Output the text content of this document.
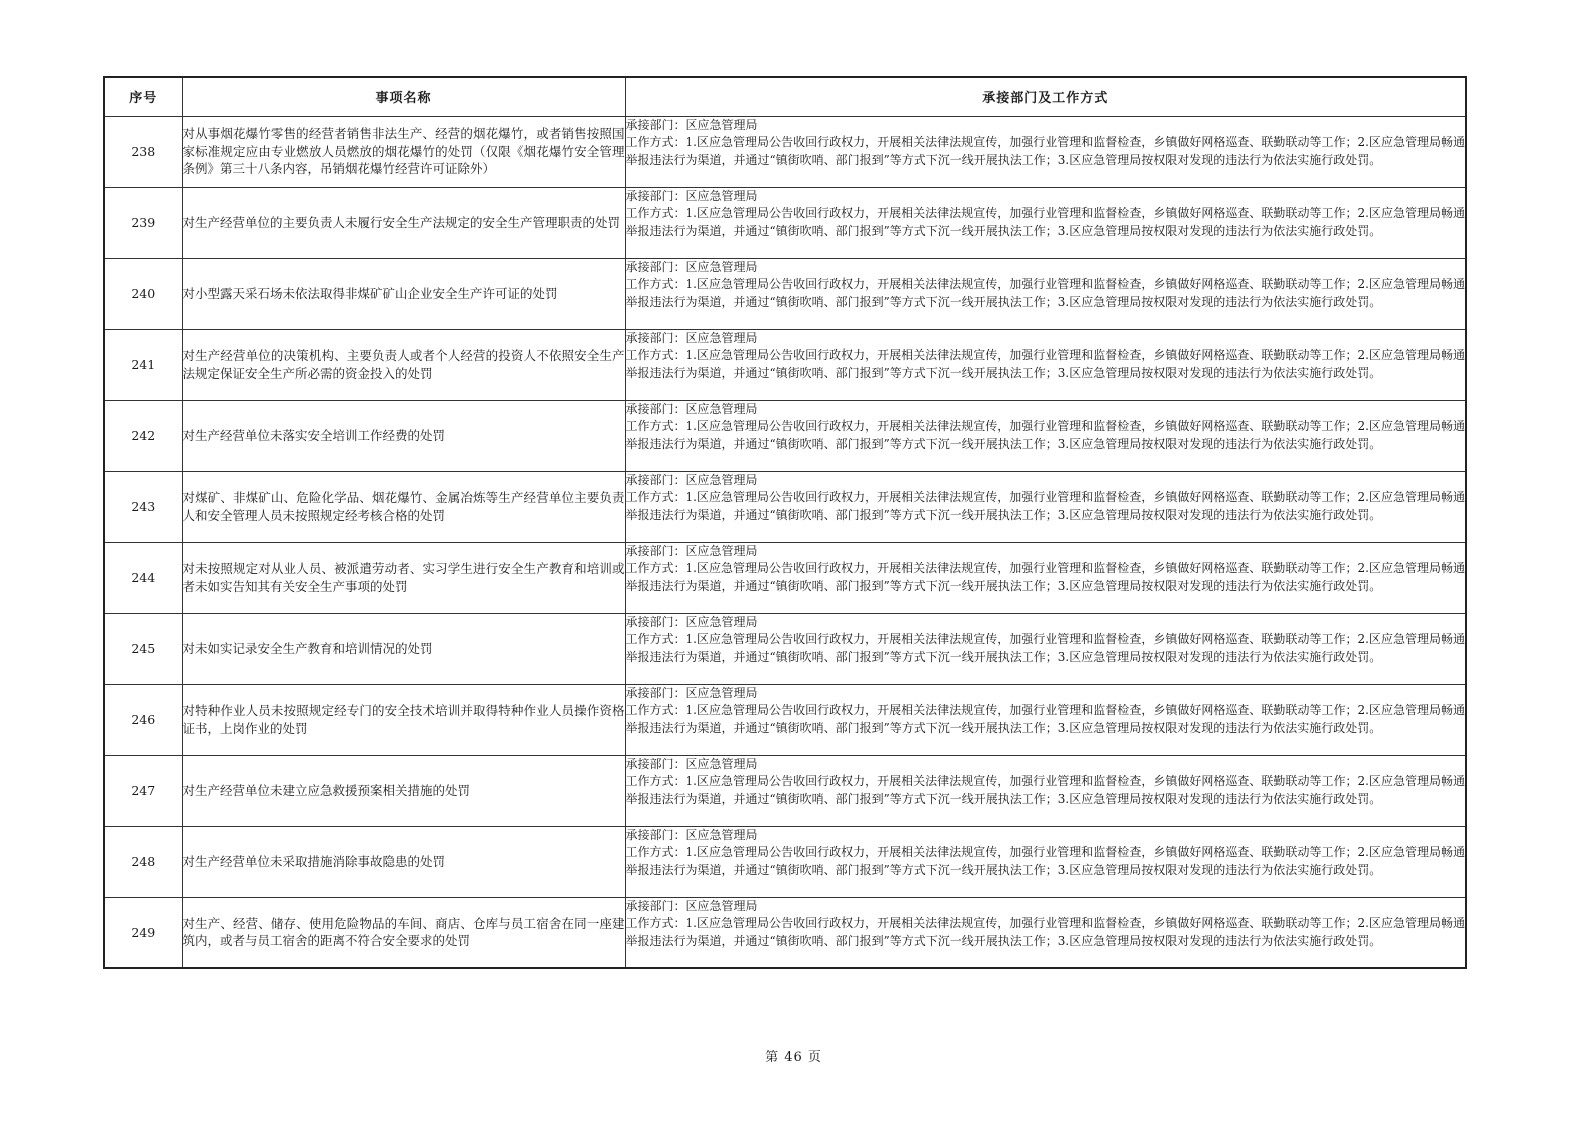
序号	事项名称	承接部门及工作方式
238	对从事烟花爆竹零售的经营者销售非法生产、经营的烟花爆竹，或者销售按照国家标准规定应由专业燃放人员燃放的烟花爆竹的处罚（仅限《烟花爆竹安全管理条例》第三十八条内容，吊销烟花爆竹经营许可证除外）	承接部门：区应急管理局
工作方式：1.区应急管理局公告收回行政权力，开展相关法律法规宣传，加强行业管理和监督检查，乡镇做好网格巡查、联勤联动等工作；2.区应急管理局畅通举报违法行为渠道，并通过“镇街吹哨、部门报到”等方式下沉一线开展执法工作；3.区应急管理局按权限对发现的违法行为依法实施行政处罚。

239	对生产经营单位的主要负责人未履行安全生产法规定的安全生产管理职责的处罚	承接部门：区应急管理局
工作方式：1.区应急管理局公告收回行政权力，开展相关法律法规宣传，加强行业管理和监督检查，乡镇做好网格巡查、联勤联动等工作；2.区应急管理局畅通举报违法行为渠道，并通过“镇街吹哨、部门报到”等方式下沉一线开展执法工作；3.区应急管理局按权限对发现的违法行为依法实施行政处罚。

240	对小型露天采石场未依法取得非煤矿矿山企业安全生产许可证的处罚	承接部门：区应急管理局
工作方式：1.区应急管理局公告收回行政权力，开展相关法律法规宣传，加强行业管理和监督检查，乡镇做好网格巡查、联勤联动等工作；2.区应急管理局畅通举报违法行为渠道，并通过“镇街吹哨、部门报到”等方式下沉一线开展执法工作；3.区应急管理局按权限对发现的违法行为依法实施行政处罚。

241	对生产经营单位的决策机构、主要负责人或者个人经营的投资人不依照安全生产法规定保证安全生产所必需的资金投入的处罚	承接部门：区应急管理局
工作方式：1.区应急管理局公告收回行政权力，开展相关法律法规宣传，加强行业管理和监督检查，乡镇做好网格巡查、联勤联动等工作；2.区应急管理局畅通举报违法行为渠道，并通过“镇街吹哨、部门报到”等方式下沉一线开展执法工作；3.区应急管理局按权限对发现的违法行为依法实施行政处罚。

242	对生产经营单位未落实安全培训工作经费的处罚	承接部门：区应急管理局
工作方式：1.区应急管理局公告收回行政权力，开展相关法律法规宣传，加强行业管理和监督检查，乡镇做好网格巡查、联勤联动等工作；2.区应急管理局畅通举报违法行为渠道，并通过“镇街吹哨、部门报到”等方式下沉一线开展执法工作；3.区应急管理局按权限对发现的违法行为依法实施行政处罚。

243	对煤矿、非煤矿山、危险化学品、烟花爆竹、金属冶炼等生产经营单位主要负责人和安全管理人员未按照规定经考核合格的处罚	承接部门：区应急管理局
工作方式：1.区应急管理局公告收回行政权力，开展相关法律法规宣传，加强行业管理和监督检查，乡镇做好网格巡查、联勤联动等工作；2.区应急管理局畅通举报违法行为渠道，并通过“镇街吹哨、部门报到”等方式下沉一线开展执法工作；3.区应急管理局按权限对发现的违法行为依法实施行政处罚。

244	对未按照规定对从业人员、被派遣劳动者、实习学生进行安全生产教育和培训或者未如实告知其有关安全生产事项的处罚	承接部门：区应急管理局
工作方式：1.区应急管理局公告收回行政权力，开展相关法律法规宣传，加强行业管理和监督检查，乡镇做好网格巡查、联勤联动等工作；2.区应急管理局畅通举报违法行为渠道，并通过“镇街吹哨、部门报到”等方式下沉一线开展执法工作；3.区应急管理局按权限对发现的违法行为依法实施行政处罚。

245	对未如实记录安全生产教育和培训情况的处罚	承接部门：区应急管理局
工作方式：1.区应急管理局公告收回行政权力，开展相关法律法规宣传，加强行业管理和监督检查，乡镇做好网格巡查、联勤联动等工作；2.区应急管理局畅通举报违法行为渠道，并通过“镇街吹哨、部门报到”等方式下沉一线开展执法工作；3.区应急管理局按权限对发现的违法行为依法实施行政处罚。

246	对特种作业人员未按照规定经专门的安全技术培训并取得特种作业人员操作资格证书，上岗作业的处罚	承接部门：区应急管理局
工作方式：1.区应急管理局公告收回行政权力，开展相关法律法规宣传，加强行业管理和监督检查，乡镇做好网格巡查、联勤联动等工作；2.区应急管理局畅通举报违法行为渠道，并通过“镇街吹哨、部门报到”等方式下沉一线开展执法工作；3.区应急管理局按权限对发现的违法行为依法实施行政处罚。

247	对生产经营单位未建立应急救援预案相关措施的处罚	承接部门：区应急管理局
工作方式：1.区应急管理局公告收回行政权力，开展相关法律法规宣传，加强行业管理和监督检查，乡镇做好网格巡查、联勤联动等工作；2.区应急管理局畅通举报违法行为渠道，并通过“镇街吹哨、部门报到”等方式下沉一线开展执法工作；3.区应急管理局按权限对发现的违法行为依法实施行政处罚。

248	对生产经营单位未采取措施消除事故隐患的处罚	承接部门：区应急管理局
工作方式：1.区应急管理局公告收回行政权力，开展相关法律法规宣传，加强行业管理和监督检查，乡镇做好网格巡查、联勤联动等工作；2.区应急管理局畅通举报违法行为渠道，并通过“镇街吹哨、部门报到”等方式下沉一线开展执法工作；3.区应急管理局按权限对发现的违法行为依法实施行政处罚。

249	对生产、经营、储存、使用危险物品的车间、商店、仓库与员工宿舍在同一座建筑内，或者与员工宿舍的距离不符合安全要求的处罚	承接部门：区应急管理局
工作方式：1.区应急管理局公告收回行政权力，开展相关法律法规宣传，加强行业管理和监督检查，乡镇做好网格巡查、联勤联动等工作；2.区应急管理局畅通举报违法行为渠道，并通过“镇街吹哨、部门报到”等方式下沉一线开展执法工作；3.区应急管理局按权限对发现的违法行为依法实施行政处罚。
第 46 页
